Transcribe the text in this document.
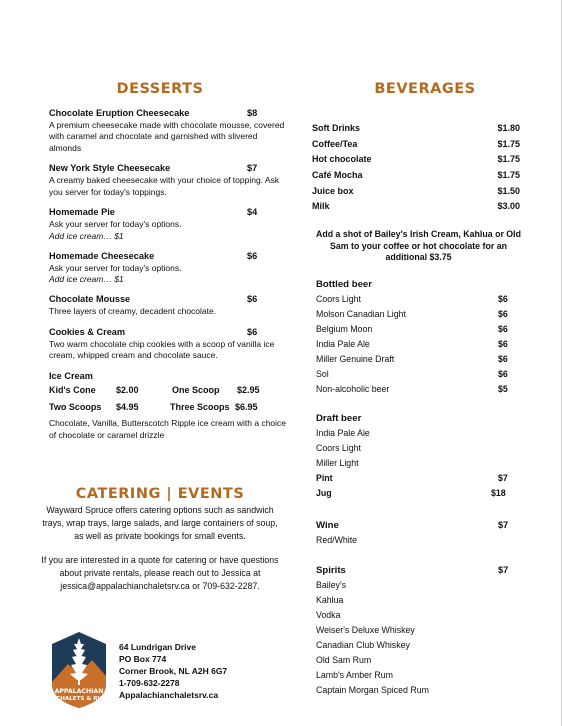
DESSERTS
Chocolate Eruption Cheesecake	$8
A premium cheesecake made with chocolate mousse, covered with caramel and chocolate and garnished with slivered almonds
New York Style Cheesecake	$7
A creamy baked cheesecake with your choice of topping. Ask you server for today's toppings.
Homemade Pie	$4
Ask your server for today's options.
Add ice cream… $1
Homemade Cheesecake	$6
Ask your server for today's options.
Add ice cream… $1
Chocolate Mousse	$6
Three layers of creamy, decadent chocolate.
Cookies & Cream	$6
Two warm chocolate chip cookies with a scoop of vanilla ice cream, whipped cream and chocolate sauce.
Ice Cream
Kid's Cone $2.00	One Scoop $2.95
Two Scoops $4.95	Three Scoops $6.95
Chocolate, Vanilla, Butterscotch Ripple ice cream with a choice of chocolate or caramel drizzle
CATERING | EVENTS

Wayward Spruce offers catering options such as sandwich trays, wrap trays, large salads, and large containers of soup, as well as private bookings for small events.

If you are interested in a quote for catering or have questions about private rentals, please reach out to Jessica at jessica@appalachianchaletsrv.ca or 709-632-2287.

APPALACHIAN
CHALETS & RV
64 Lundrigan Drive
PO Box 774
Corner Brook, NL A2H 6G7
1-709-632-2278
Appalachianchaletsrv.ca
BEVERAGES
Soft Drinks	$1.80
Coffee/Tea	$1.75
Hot chocolate	$1.75
Café Mocha	$1.75
Juice box	$1.50
Milk	$3.00
Add a shot of Bailey's Irish Cream, Kahlua or Old Sam to your coffee or hot chocolate for an additional $3.75
Bottled beer
Coors Light	$6
Molson Canadian Light	$6
Belgium Moon	$6
India Pale Ale	$6
Miller Genuine Draft	$6
Sol	$6
Non-alcoholic beer	$5
Draft beer
India Pale Ale
Coors Light
Miller Light
Pint	$7
Jug	$18
Wine	$7
Red/White
Spirits	$7
Bailey's
Kahlua
Vodka
Weiser's Deluxe Whiskey
Canadian Club Whiskey
Old Sam Rum
Lamb's Amber Rum
Captain Morgan Spiced Rum
